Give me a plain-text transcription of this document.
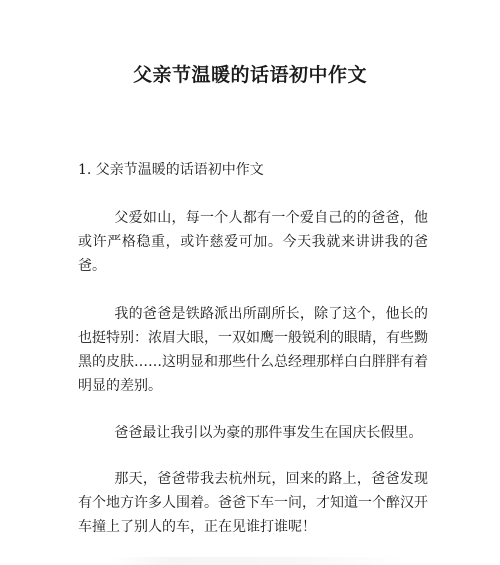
父亲节温暖的话语初中作文
1. 父亲节温暖的话语初中作文

父爱如山，每一个人都有一个爱自己的的爸爸，他或许严格稳重，或许慈爱可加。今天我就来讲讲我的爸爸。

我的爸爸是铁路派出所副所长，除了这个，他长的也挺特别：浓眉大眼，一双如鹰一般锐利的眼睛，有些黝黑的皮肤……这明显和那些什么总经理那样白白胖胖有着明显的差别。

爸爸最让我引以为豪的那件事发生在国庆长假里。

那天，爸爸带我去杭州玩，回来的路上，爸爸发现有个地方许多人围着。爸爸下车一问，才知道一个醉汉开车撞上了别人的车，正在见谁打谁呢！
